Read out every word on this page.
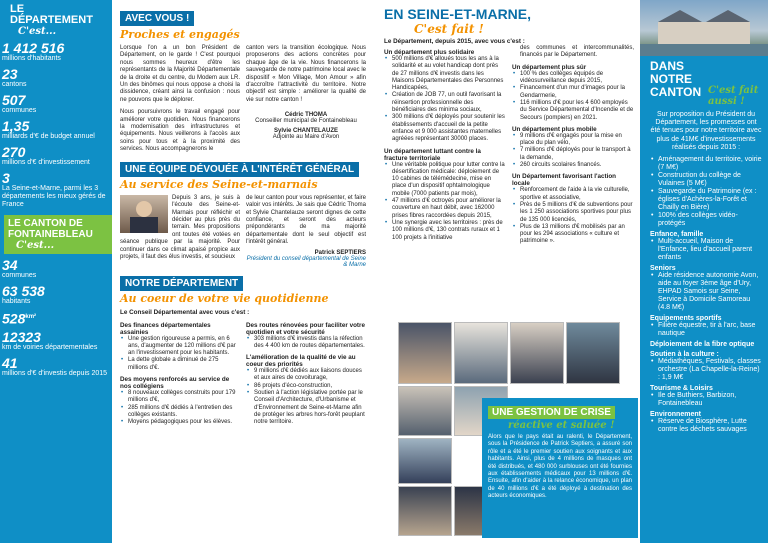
LE DÉPARTEMENT
C'est...
1 412 516
millions d'habitants
23
cantons
507
communes
1,35
milliards d'€ de budget annuel
270
millions d'€ d'investissement
3
La Seine-et-Marne, parmi les 3 départements les mieux gérés de France
LE CANTON DE FONTAINEBLEAU
C'est...
34
communes
63 538
habitants
$528^{km^2}$
12323
km de voiries départementales
41
millions d'€ d'investis depuis 2015
AVEC VOUS !
Proches et engagés

Lorsque l'on a un bon Président de Département, on le garde ! C'est pourquoi nous sommes heureux d'être les représentants de la Majorité Départementale de la droite et du centre, du Modem aux LR. Un des binômes qui nous oppose a choisi la dissidence, créant ainsi la confusion : nous ne pouvons que le déplorer.

Nous poursuivrons le travail engagé pour améliorer votre quotidien. Nous financerons la modernisation des infrastructures et équipements. Nous veillerons à l'accès aux soins pour tous et à la proximité des services. Nous accompagnerons le

canton vers la transition écologique. Nous proposerons des actions concrètes pour chaque âge de la vie. Nous financerons la sauvegarde de notre patrimoine local avec le dispositif « Mon Village, Mon Amour » afin d'accroître l'attractivité du territoire. Notre objectif est simple : améliorer la qualité de vie sur notre canton !

Cédric THOMA
Conseiller municipal de Fontainebleau
Sylvie CHANTELAUZE
Adjointe au Maire d'Avon
UNE ÉQUIPE DÉVOUÉE À L'INTÉRÊT GÉNÉRAL
Au service des Seine-et-marnais

Depuis 3 ans, je suis à l'écoute des Seine-et-Marnais pour réfléchir et décider au plus près du terrain. Mes propositions ont toutes été votées en séance publique par la majorité. Pour continuer dans ce climat apaisé propice aux projets, il faut des élus investis, et soucieux

de leur canton pour vous représenter, et faire valoir vos intérêts. Je sais que Cédric Thoma et Sylvie Chantelauze seront dignes de cette confiance, et seront des acteurs prépondérants de ma majorité départementale dont le seul objectif est l'intérêt général.

Patrick SEPTIERS
Président du conseil départemental de Seine & Marne
NOTRE DÉPARTEMENT
Au coeur de votre vie quotidienne
Le Conseil Départemental avec vous c'est :
Des finances départementales assainies
• Une gestion rigoureuse a permis, en 6 ans, d'augmenter de 120 millions d'€ par an l'investissement pour les habitants.
• La dette globale a diminué de 275 millions d'€.
Des moyens renforcés au service de nos collégiens
• 8 nouveaux collèges construits pour 179 millions d'€,
• 285 millions d'€ dédiés à l'entretien des collèges existants.
• Moyens pédagogiques pour les élèves.
Des routes rénovées pour faciliter votre quotidien et votre sécurité
• 303 millions d'€ investis dans la réfection des 4 400 km de routes départementales.
L'amélioration de la qualité de vie au coeur des priorités
• 9 millions d'€ dédiés aux liaisons douces et aux aires de covoiturage,
• 86 projets d'éco-construction,
• Soutien à l'action législative portée par le Conseil d'Architecture, d'Urbanisme et d'Environnement de Seine-et-Marne afin de protéger les arbres hors-forêt peuplant notre territoire.
EN SEINE-ET-MARNE,
C'est fait !
Le Département, depuis 2015, avec vous c'est :
Un département plus solidaire
• 500 millions d'€ alloués tous les ans à la solidarité et au volet handicap dont près de 27 millions d'€ investis dans les Maisons Départementales des Personnes Handicapées,
• Création de JOB 77, un outil favorisant la réinsertion professionnelle des bénéficiaires des minima sociaux,
• 300 millions d'€ déployés pour soutenir les établissements d'accueil de la petite enfance et 9 000 assistantes maternelles agréées représentant 30000 places.
Un département luttant contre la fracture territoriale
• Une véritable politique pour lutter contre la désertification médicale: déploiement de 10 cabines de télémédecine, mise en place d'un dispositif ophtalmologique mobile (7000 patients par mois),
• 47 millions d'€ octroyés pour améliorer la couverture en haut débit, avec 162000 prises fibres raccordées depuis 2015,
• Une synergie avec les territoires : près de 100 millions d'€, 130 contrats ruraux et 1 100 projets à l'initiative

des communes et intercommunalités, financés par le Département.

Un département plus sûr
• 100 % des collèges équipés de vidéosurveillance depuis 2015,
• Financement d'un mur d'images pour la Gendarmerie,
• 116 millions d'€ pour les 4 600 employés du Service Départemental d'Incendie et de Secours (pompiers) en 2021.
Un département plus mobile
• 9 millions d'€ engagés pour la mise en place du plan vélo,
• 7 millions d'€ déployés pour le transport à la demande,
• 260 circuits scolaires financés.
Un Département favorisant l'action locale
• Renforcement de l'aide à la vie culturelle, sportive et associative,
• Près de 5 millions d'€ de subventions pour les 1 250 associations sportives pour plus de 135 000 licenciés,
• Plus de 13 millions d'€ mobilisés par an pour les 294 associations « culture et patrimoine ».
UNE GESTION DE CRISE
réactive et saluée !

Alors que le pays était au ralenti, le Département, sous la Présidence de Patrick Septiers, a assuré son rôle et a été le premier soutien aux soignants et aux habitants. Ainsi, plus de 4 millions de masques ont été distribués, et 480 000 surblouses ont été fournies aux établissements médicaux pour 13 millions d'€. Ensuite, afin d'aider à la relance économique, un plan de 40 millions d'€ a été déployé à destination des acteurs économiques.

DANS NOTRE CANTON C'est fait aussi !

Sur proposition du Président du Département, les promesses ont été tenues pour notre territoire avec plus de 41M€ d'investissements réalisés depuis 2015 :

• Aménagement du territoire, voirie (7 M€)
• Construction du collège de Vulaines (5 M€)
• Sauvegarde du Patrimoine (ex : églises d'Achères-la-Forêt et Chailly en Bière)
• 100% des collèges vidéo-protégés
Enfance, famille
• Multi-accueil, Maison de l'Enfance, lieu d'accueil parent enfants
Seniors
• Aide résidence autonomie Avon, aide au foyer 3ème âge d'Ury, EHPAD Samois sur Seine, Service à Domicile Samoreau (4.8 M€)
Equipements sportifs
• Filière équestre, tir à l'arc, base nautique
Déploiement de la fibre optique
Soutien à la culture :
• Médiathèques, Festivals, classes orchestre (La Chapelle-la-Reine) : 1,9 M€
Tourisme & Loisirs
• Ile de Buthiers, Barbizon, Fontainebleau
Environnement
• Réserve de Biosphère, Lutte contre les déchets sauvages
